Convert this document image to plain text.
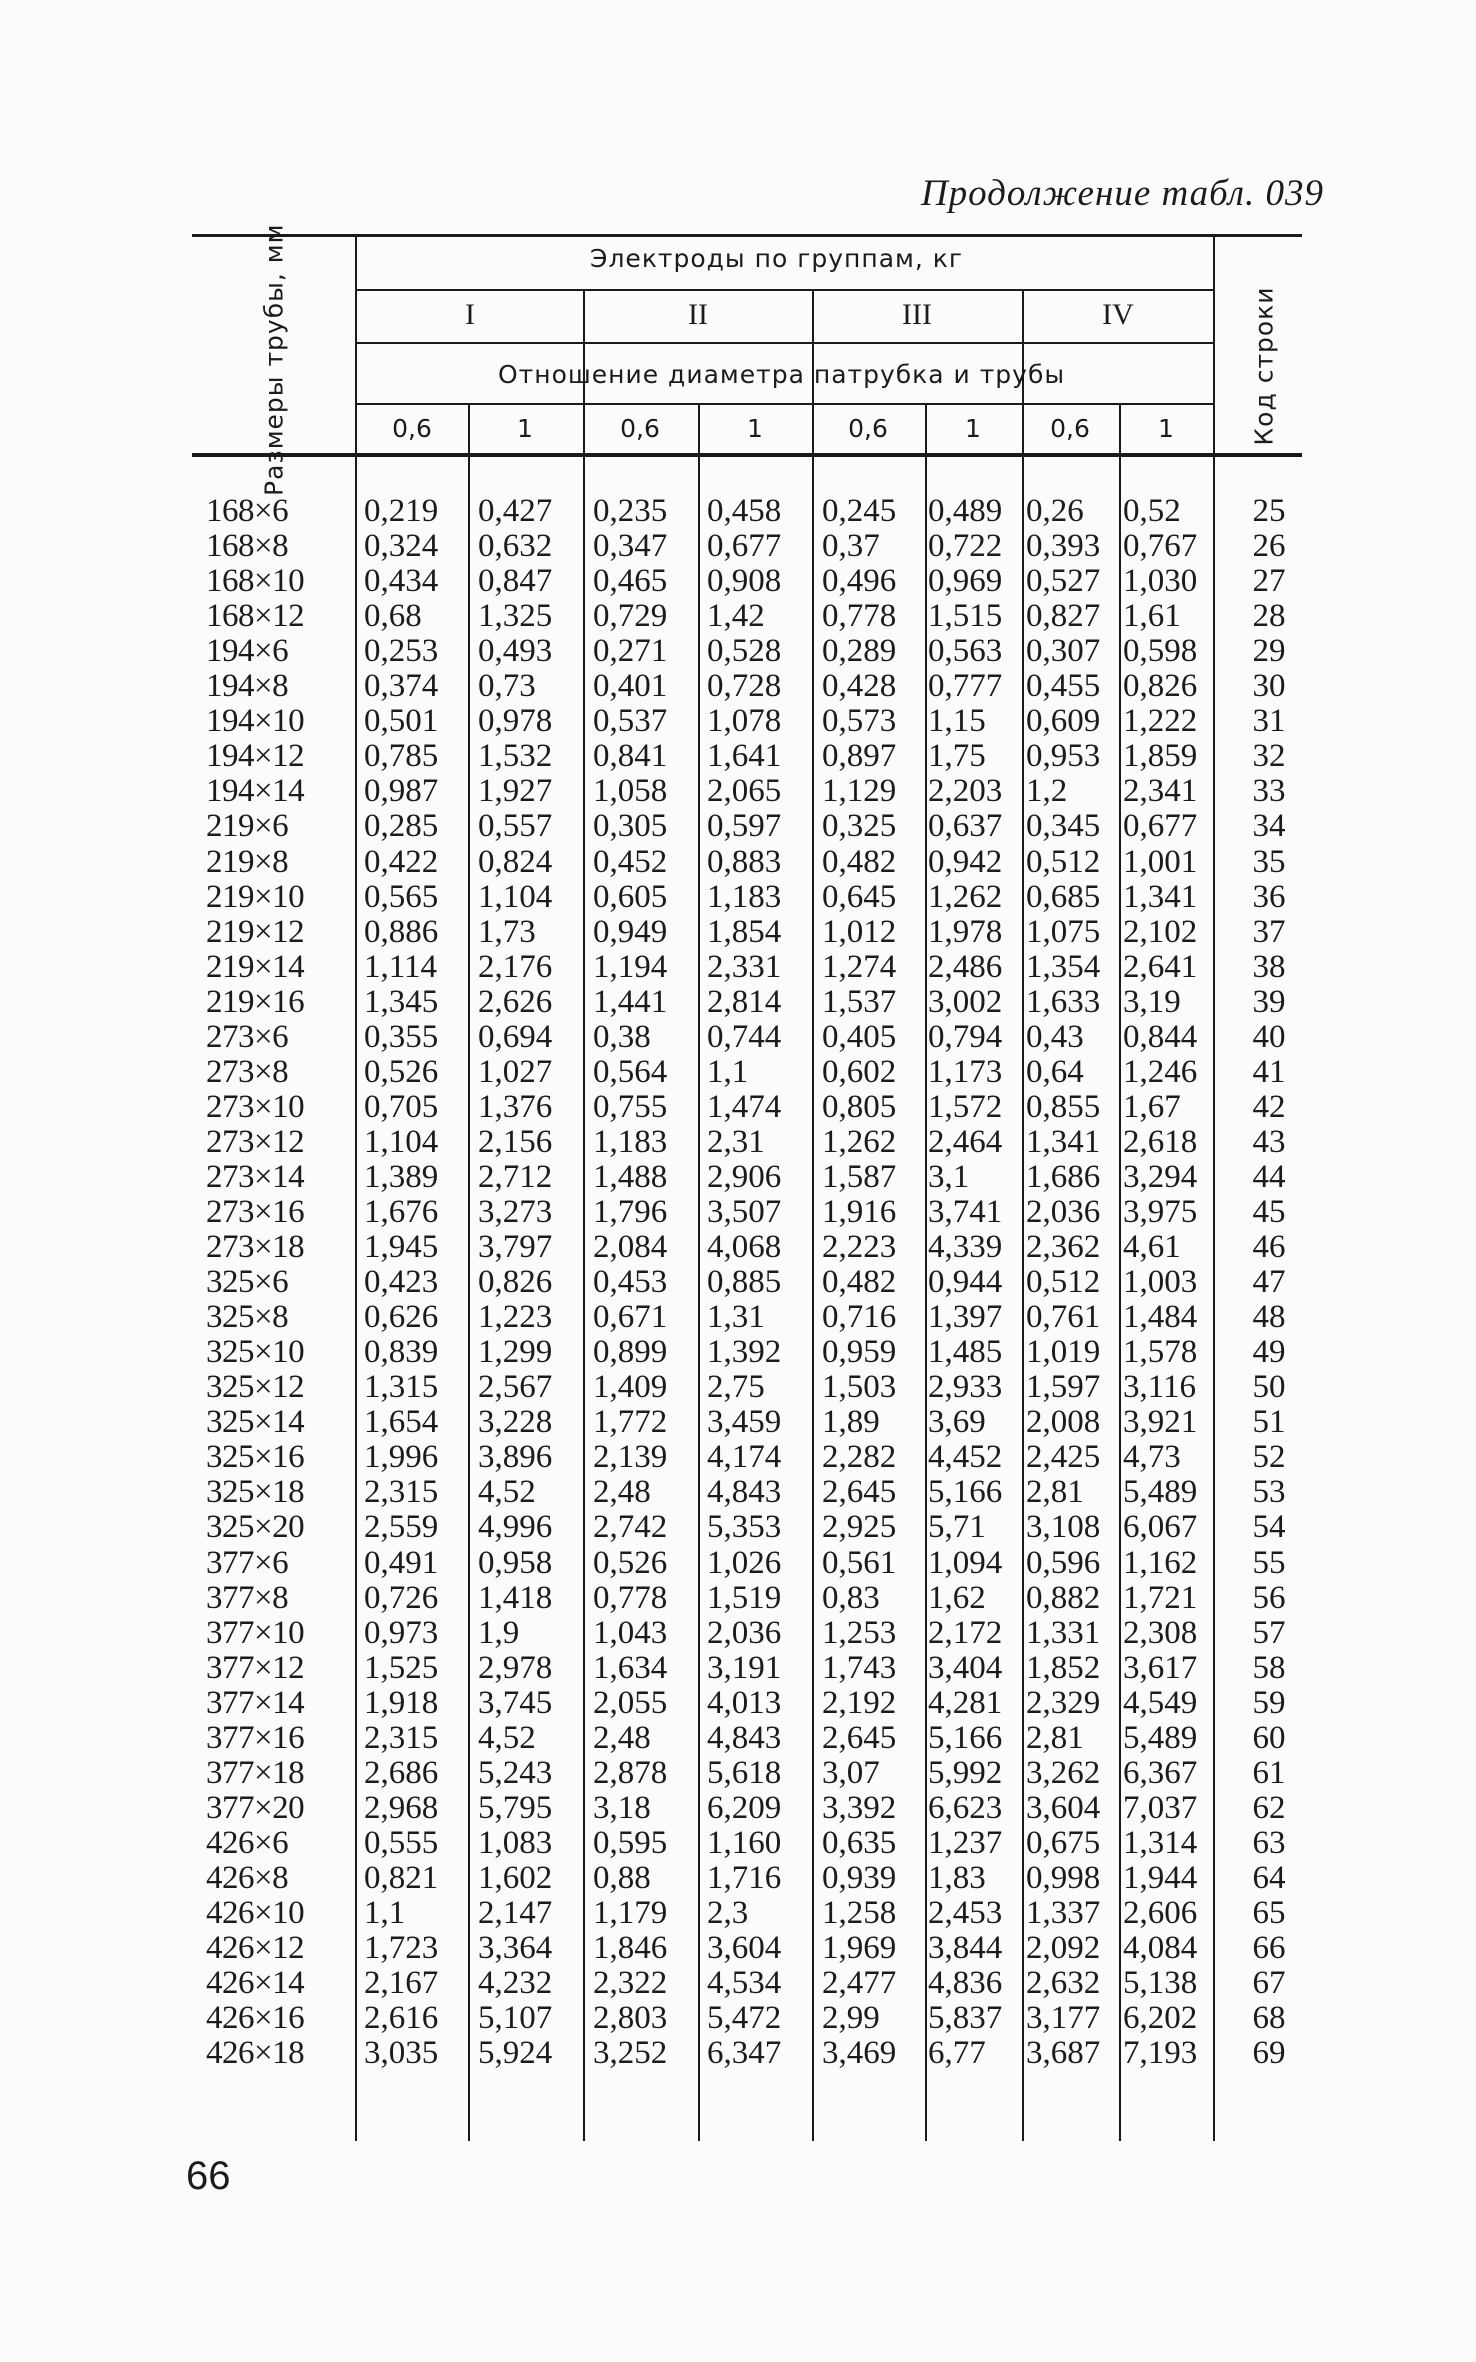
Продолжение табл. 039
Размеры трубы, мм	Код строки
Электроды по группам, кг
Отношение диаметра патрубка и трубы
I	II	III	IV
0,6	1	0,6	1	0,6	1	0,6	1
168×6 0,219 0,427 0,235 0,458 0,245 0,489 0,26 0,52	25
168×8 0,324 0,632 0,347 0,677 0,37 0,722 0,393 0,767	26
168×10 0,434 0,847 0,465 0,908 0,496 0,969 0,527 1,030	27
168×12 0,68 1,325 0,729 1,42 0,778 1,515 0,827 1,61	28
194×6 0,253 0,493 0,271 0,528 0,289 0,563 0,307 0,598	29
194×8 0,374 0,73 0,401 0,728 0,428 0,777 0,455 0,826	30
194×10 0,501 0,978 0,537 1,078 0,573 1,15 0,609 1,222	31
194×12 0,785 1,532 0,841 1,641 0,897 1,75 0,953 1,859	32
194×14 0,987 1,927 1,058 2,065 1,129 2,203 1,2 2,341	33
219×6 0,285 0,557 0,305 0,597 0,325 0,637 0,345 0,677	34
219×8 0,422 0,824 0,452 0,883 0,482 0,942 0,512 1,001	35
219×10 0,565 1,104 0,605 1,183 0,645 1,262 0,685 1,341	36
219×12 0,886 1,73 0,949 1,854 1,012 1,978 1,075 2,102	37
219×14 1,114 2,176 1,194 2,331 1,274 2,486 1,354 2,641	38
219×16 1,345 2,626 1,441 2,814 1,537 3,002 1,633 3,19	39
273×6 0,355 0,694 0,38 0,744 0,405 0,794 0,43 0,844	40
273×8 0,526 1,027 0,564 1,1 0,602 1,173 0,64 1,246	41
273×10 0,705 1,376 0,755 1,474 0,805 1,572 0,855 1,67	42
273×12 1,104 2,156 1,183 2,31 1,262 2,464 1,341 2,618	43
273×14 1,389 2,712 1,488 2,906 1,587 3,1 1,686 3,294	44
273×16 1,676 3,273 1,796 3,507 1,916 3,741 2,036 3,975	45
273×18 1,945 3,797 2,084 4,068 2,223 4,339 2,362 4,61	46
325×6 0,423 0,826 0,453 0,885 0,482 0,944 0,512 1,003	47
325×8 0,626 1,223 0,671 1,31 0,716 1,397 0,761 1,484	48
325×10 0,839 1,299 0,899 1,392 0,959 1,485 1,019 1,578	49
325×12 1,315 2,567 1,409 2,75 1,503 2,933 1,597 3,116	50
325×14 1,654 3,228 1,772 3,459 1,89 3,69 2,008 3,921	51
325×16 1,996 3,896 2,139 4,174 2,282 4,452 2,425 4,73	52
325×18 2,315 4,52 2,48 4,843 2,645 5,166 2,81 5,489	53
325×20 2,559 4,996 2,742 5,353 2,925 5,71 3,108 6,067	54
377×6 0,491 0,958 0,526 1,026 0,561 1,094 0,596 1,162	55
377×8 0,726 1,418 0,778 1,519 0,83 1,62 0,882 1,721	56
377×10 0,973 1,9 1,043 2,036 1,253 2,172 1,331 2,308	57
377×12 1,525 2,978 1,634 3,191 1,743 3,404 1,852 3,617	58
377×14 1,918 3,745 2,055 4,013 2,192 4,281 2,329 4,549	59
377×16 2,315 4,52 2,48 4,843 2,645 5,166 2,81 5,489	60
377×18 2,686 5,243 2,878 5,618 3,07 5,992 3,262 6,367	61
377×20 2,968 5,795 3,18 6,209 3,392 6,623 3,604 7,037	62
426×6 0,555 1,083 0,595 1,160 0,635 1,237 0,675 1,314	63
426×8 0,821 1,602 0,88 1,716 0,939 1,83 0,998 1,944	64
426×10 1,1 2,147 1,179 2,3 1,258 2,453 1,337 2,606	65
426×12 1,723 3,364 1,846 3,604 1,969 3,844 2,092 4,084	66
426×14 2,167 4,232 2,322 4,534 2,477 4,836 2,632 5,138	67
426×16 2,616 5,107 2,803 5,472 2,99 5,837 3,177 6,202	68
426×18 3,035 5,924 3,252 6,347 3,469 6,77 3,687 7,193	69
66
